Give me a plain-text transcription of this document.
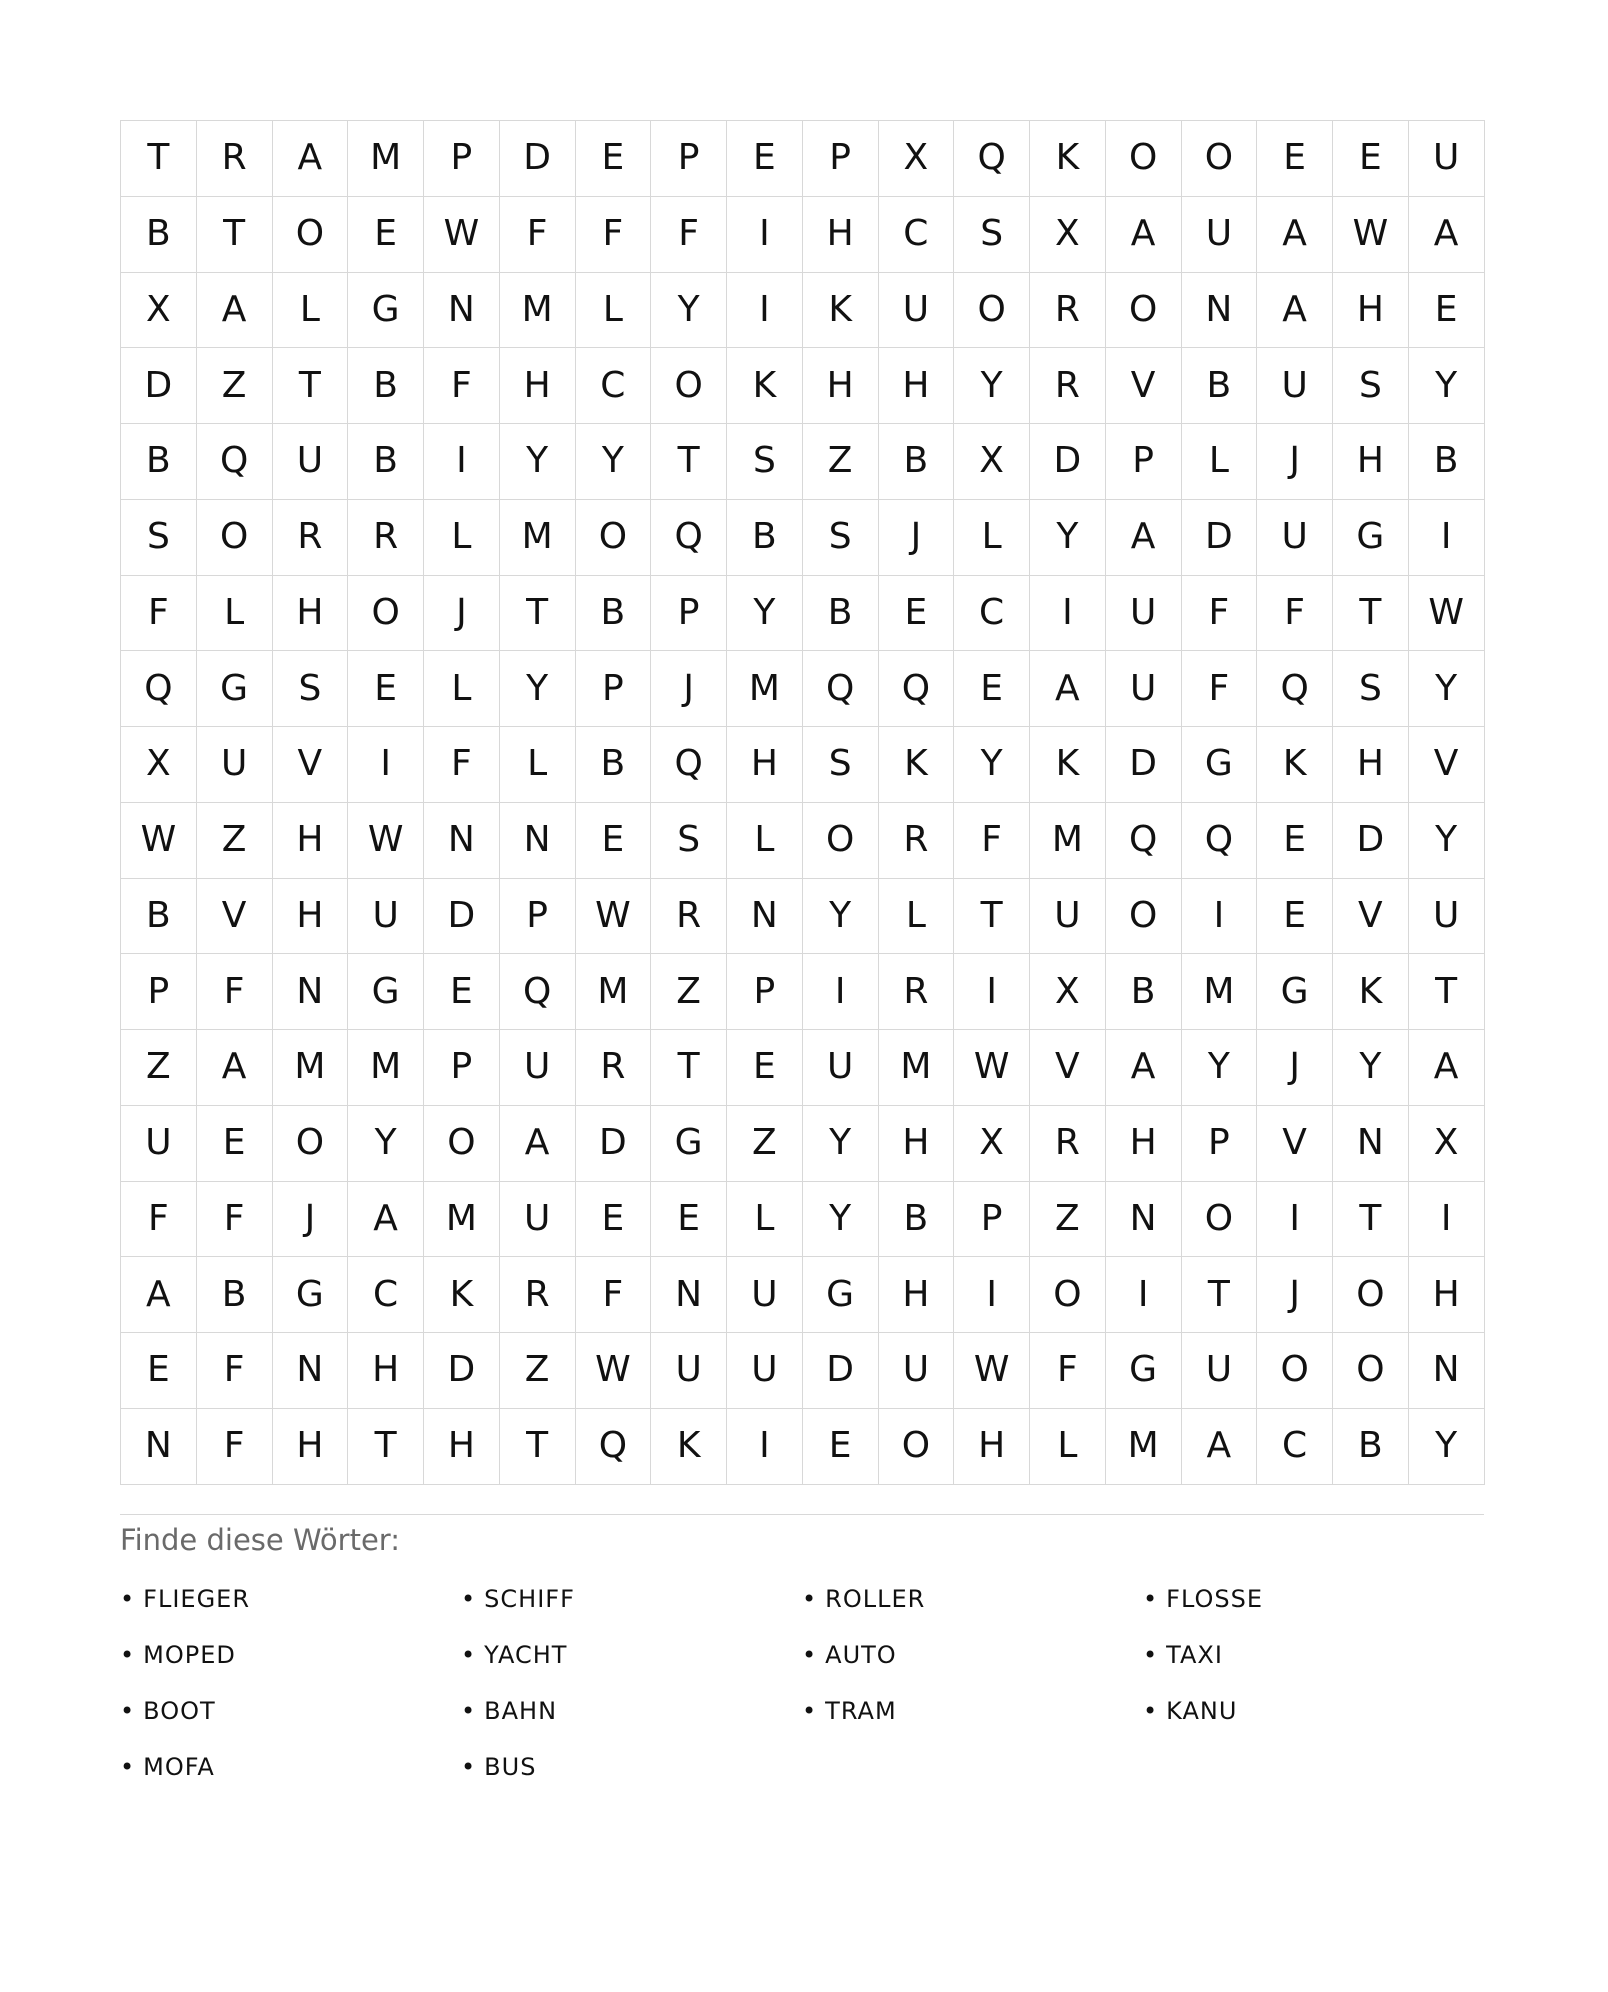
T	R	A	M	P	D	E	P	E	P	X	Q	K	O	O	E	E	U
B	T	O	E	W	F	F	F	I	H	C	S	X	A	U	A	W	A
X	A	L	G	N	M	L	Y	I	K	U	O	R	O	N	A	H	E
D	Z	T	B	F	H	C	O	K	H	H	Y	R	V	B	U	S	Y
B	Q	U	B	I	Y	Y	T	S	Z	B	X	D	P	L	J	H	B
S	O	R	R	L	M	O	Q	B	S	J	L	Y	A	D	U	G	I
F	L	H	O	J	T	B	P	Y	B	E	C	I	U	F	F	T	W
Q	G	S	E	L	Y	P	J	M	Q	Q	E	A	U	F	Q	S	Y
X	U	V	I	F	L	B	Q	H	S	K	Y	K	D	G	K	H	V
W	Z	H	W	N	N	E	S	L	O	R	F	M	Q	Q	E	D	Y
B	V	H	U	D	P	W	R	N	Y	L	T	U	O	I	E	V	U
P	F	N	G	E	Q	M	Z	P	I	R	I	X	B	M	G	K	T
Z	A	M	M	P	U	R	T	E	U	M	W	V	A	Y	J	Y	A
U	E	O	Y	O	A	D	G	Z	Y	H	X	R	H	P	V	N	X
F	F	J	A	M	U	E	E	L	Y	B	P	Z	N	O	I	T	I
A	B	G	C	K	R	F	N	U	G	H	I	O	I	T	J	O	H
E	F	N	H	D	Z	W	U	U	D	U	W	F	G	U	O	O	N
N	F	H	T	H	T	Q	K	I	E	O	H	L	M	A	C	B	Y
Finde diese Wörter:
• FLIEGER	• SCHIFF	• ROLLER	• FLOSSE
• MOPED	• YACHT	• AUTO	• TAXI
• BOOT	• BAHN	• TRAM	• KANU
• MOFA	• BUS
